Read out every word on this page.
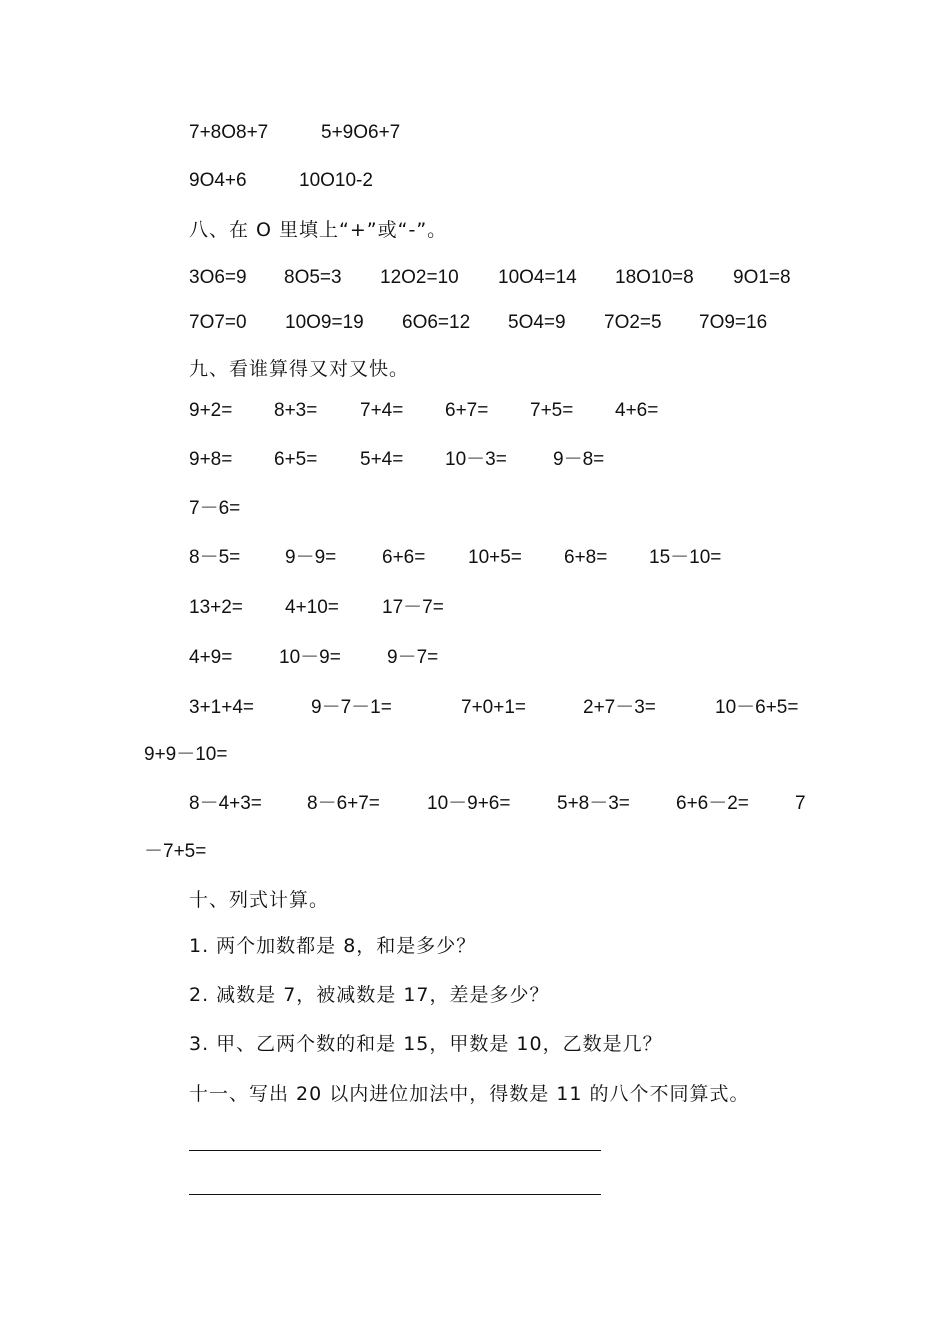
7+8O8+7	5+9O6+7
9O4+6	10O10-2
八、在 O 里填上“+”或“-”。
3O6=9 8O5=3 12O2=10 10O4=14 18O10=8 9O1=8
7O7=0 10O9=19 6O6=12 5O4=9 7O2=5 7O9=16
九、看谁算得又对又快。
9+2= 8+3= 7+4= 6+7= 7+5= 4+6=
9+8= 6+5= 5+4= 10－3= 9－8=
7－6=
8－5= 9－9= 6+6= 10+5= 6+8= 15－10=
13+2= 4+10= 17－7=
4+9= 10－9= 9－7=
3+1+4=	9－7－1=	7+0+1=	2+7－3=	10－6+5=
9+9－10=
8－4+3= 8－6+7= 10－9+6= 5+8－3= 6+6－2= 7
－7+5=
十、列式计算。
1. 两个加数都是 8，和是多少？
2. 减数是 7，被减数是 17，差是多少？
3. 甲、乙两个数的和是 15，甲数是 10，乙数是几？
十一、写出 20 以内进位加法中，得数是 11 的八个不同算式。
